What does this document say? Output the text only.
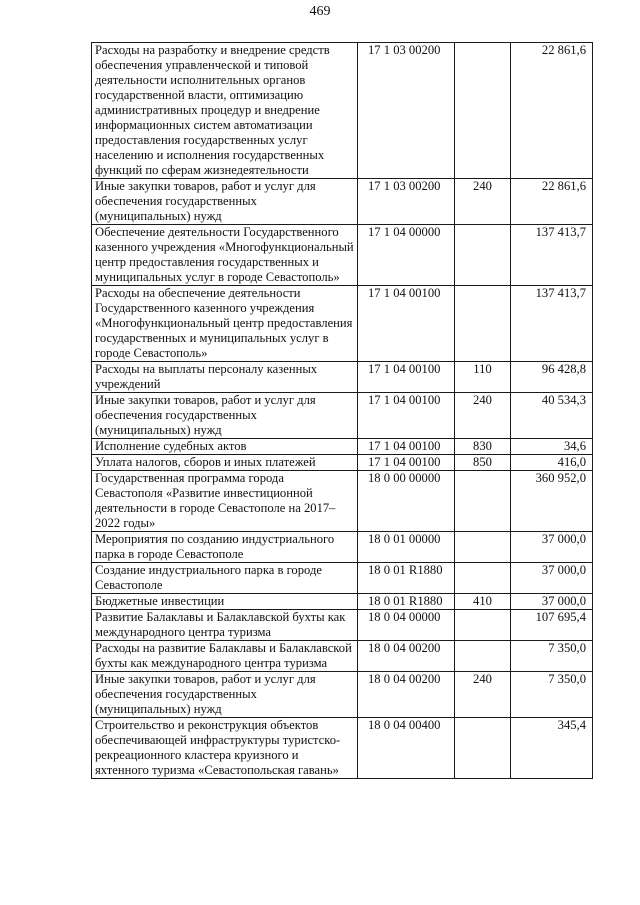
469
Расходы на разработку и внедрение средств обеспечения управленческой и типовой деятельности исполнительных органов государственной власти, оптимизацию административных процедур и внедрение информационных систем автоматизации предоставления государственных услуг населению и исполнения государственных функций по сферам жизнедеятельности	17 1 03 00200		22 861,6
Иные закупки товаров, работ и услуг для обеспечения государственных (муниципальных) нужд	17 1 03 00200	240	22 861,6
Обеспечение деятельности Государственного казенного учреждения «Многофункциональный центр предоставления государственных и муниципальных услуг в городе Севастополь»	17 1 04 00000		137 413,7
Расходы на обеспечение деятельности Государственного казенного учреждения «Многофункциональный центр предоставления государственных и муниципальных услуг в городе Севастополь»	17 1 04 00100		137 413,7
Расходы на выплаты персоналу казенных учреждений	17 1 04 00100	110	96 428,8
Иные закупки товаров, работ и услуг для обеспечения государственных (муниципальных) нужд	17 1 04 00100	240	40 534,3
Исполнение судебных актов	17 1 04 00100	830	34,6
Уплата налогов, сборов и иных платежей	17 1 04 00100	850	416,0
Государственная программа города Севастополя «Развитие инвестиционной деятельности в городе Севастополе на 2017–2022 годы»	18 0 00 00000		360 952,0
Мероприятия по созданию индустриального парка в городе Севастополе	18 0 01 00000		37 000,0
Создание индустриального парка в городе Севастополе	18 0 01 R1880		37 000,0
Бюджетные инвестиции	18 0 01 R1880	410	37 000,0
Развитие Балаклавы и Балаклавской бухты как международного центра туризма	18 0 04 00000		107 695,4
Расходы на развитие Балаклавы и Балаклавской бухты как международного центра туризма	18 0 04 00200		7 350,0
Иные закупки товаров, работ и услуг для обеспечения государственных (муниципальных) нужд	18 0 04 00200	240	7 350,0
Строительство и реконструкция объектов обеспечивающей инфраструктуры туристско-рекреационного кластера круизного и яхтенного туризма «Севастопольская гавань»	18 0 04 00400		345,4
